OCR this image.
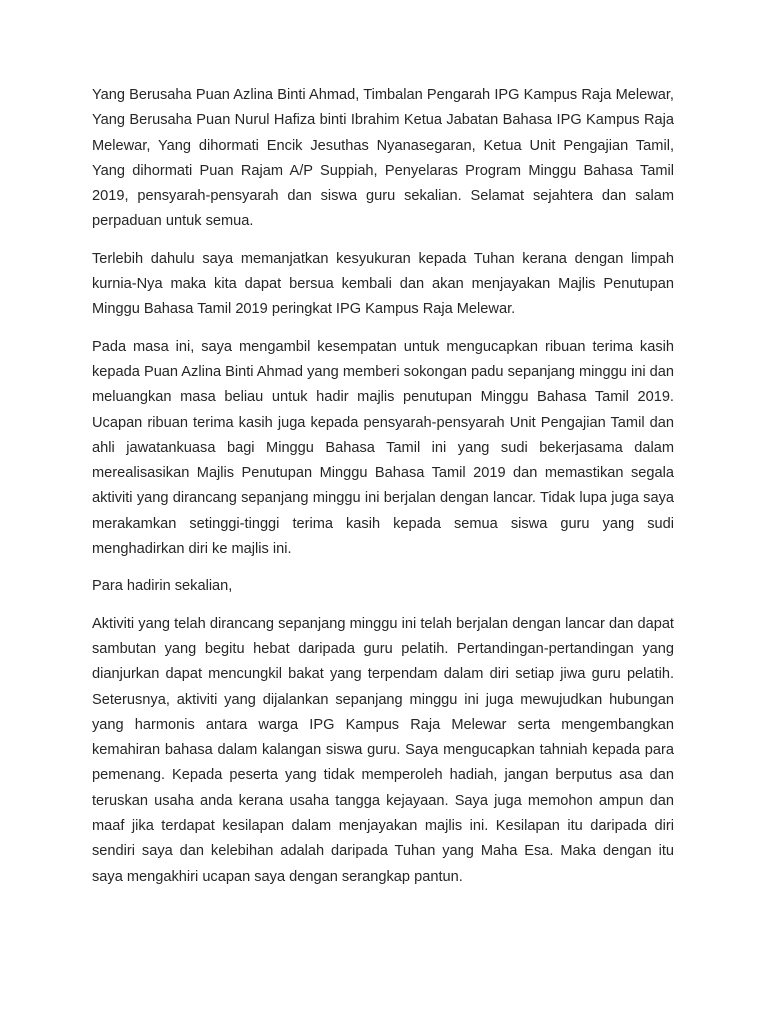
Yang Berusaha Puan Azlina Binti Ahmad, Timbalan Pengarah IPG Kampus Raja Melewar, Yang Berusaha Puan Nurul Hafiza binti Ibrahim Ketua Jabatan Bahasa IPG Kampus Raja Melewar, Yang dihormati Encik Jesuthas Nyanasegaran, Ketua Unit Pengajian Tamil, Yang dihormati Puan Rajam A/P Suppiah, Penyelaras Program Minggu Bahasa Tamil 2019, pensyarah-pensyarah dan siswa guru sekalian. Selamat sejahtera dan salam perpaduan untuk semua.

Terlebih dahulu saya memanjatkan kesyukuran kepada Tuhan kerana dengan limpah kurnia-Nya maka kita dapat bersua kembali dan akan menjayakan Majlis Penutupan Minggu Bahasa Tamil 2019 peringkat IPG Kampus Raja Melewar.

Pada masa ini, saya mengambil kesempatan untuk mengucapkan ribuan terima kasih kepada Puan Azlina Binti Ahmad yang memberi sokongan padu sepanjang minggu ini dan meluangkan masa beliau untuk hadir majlis penutupan Minggu Bahasa Tamil 2019. Ucapan ribuan terima kasih juga kepada pensyarah-pensyarah Unit Pengajian Tamil dan ahli jawatankuasa bagi Minggu Bahasa Tamil ini yang sudi bekerjasama dalam merealisasikan Majlis Penutupan Minggu Bahasa Tamil 2019 dan memastikan segala aktiviti yang dirancang sepanjang minggu ini berjalan dengan lancar. Tidak lupa juga saya merakamkan setinggi-tinggi terima kasih kepada semua siswa guru yang sudi menghadirkan diri ke majlis ini.

Para hadirin sekalian,

Aktiviti yang telah dirancang sepanjang minggu ini telah berjalan dengan lancar dan dapat sambutan yang begitu hebat daripada guru pelatih. Pertandingan-pertandingan yang dianjurkan dapat mencungkil bakat yang terpendam dalam diri setiap jiwa guru pelatih. Seterusnya, aktiviti yang dijalankan sepanjang minggu ini juga mewujudkan hubungan yang harmonis antara warga IPG Kampus Raja Melewar serta mengembangkan kemahiran bahasa dalam kalangan siswa guru. Saya mengucapkan tahniah kepada para pemenang. Kepada peserta yang tidak memperoleh hadiah, jangan berputus asa dan teruskan usaha anda kerana usaha tangga kejayaan. Saya juga memohon ampun dan maaf jika terdapat kesilapan dalam menjayakan majlis ini. Kesilapan itu daripada diri sendiri saya dan kelebihan adalah daripada Tuhan yang Maha Esa. Maka dengan itu saya mengakhiri ucapan saya dengan serangkap pantun.
